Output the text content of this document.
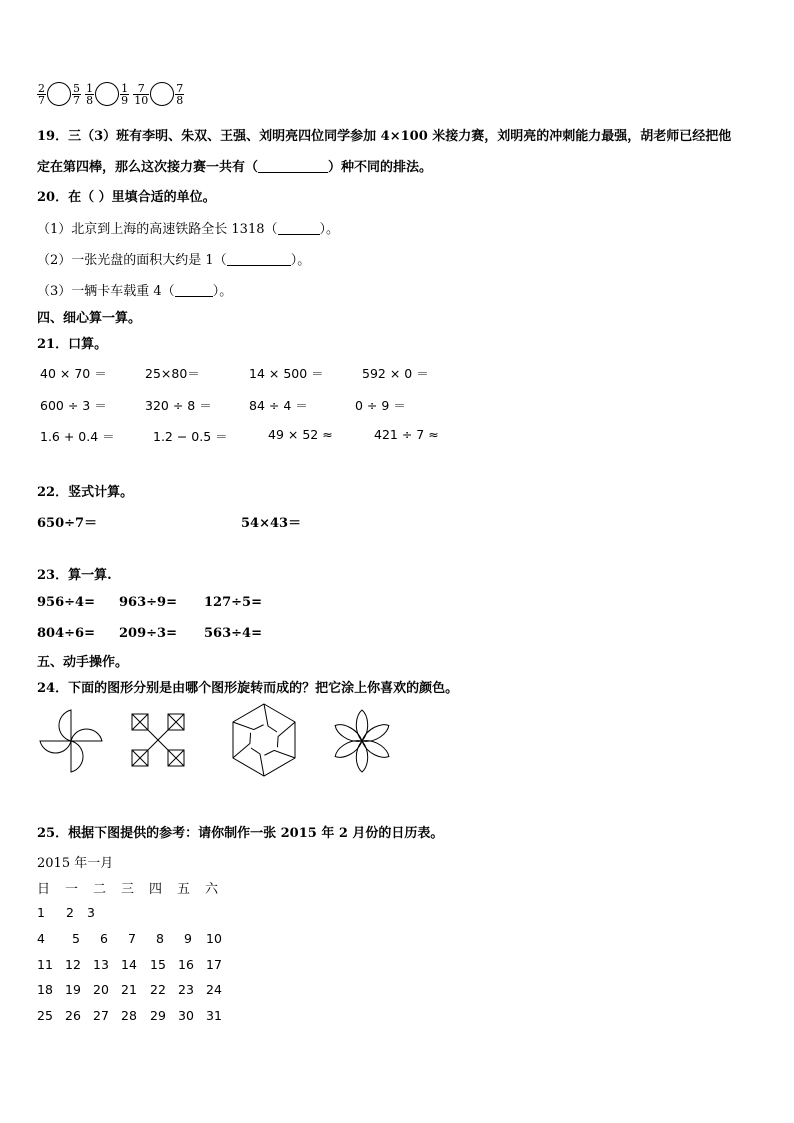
$\frac{2}{7} \frac{5}{7}$
$\frac{1}{8} \frac{1}{9}$
$\frac{7}{10} \frac{7}{8}$
19．三（3）班有李明、朱双、王强、刘明亮四位同学参加 4×100 米接力赛，刘明亮的冲刺能力最强，胡老师已经把他
定在第四棒，那么这次接力赛一共有（	）种不同的排法。
20．在（ ）里填合适的单位。
（1）北京到上海的高速铁路全长 1318（	）。
（2）一张光盘的面积大约是 1（	）。
（3）一辆卡车载重 4（	）。
四、细心算一算。
21．口算。
40 × 70 ＝	25×80＝	14 × 500 ＝	592 × 0 ＝
600 ÷ 3 ＝	320 ÷ 8 ＝	84 ÷ 4 ＝	0 ÷ 9 ＝
1.6 + 0.4 ＝	1.2 − 0.5 ＝	49 × 52 ≈	421 ÷ 7 ≈
22．竖式计算。
650÷7＝	54×43＝
23．算一算.
956÷4= 963÷9= 127÷5=
804÷6= 209÷3= 563÷4=
五、动手操作。
24．下面的图形分别是由哪个图形旋转而成的？把它涂上你喜欢的颜色。
25．根据下图提供的参考：请你制作一张 2015 年 2 月份的日历表。
2015 年一月
日 一 二 三 四 五 六
1 2 3
4 5 6 7 8 9 10
11 12 13 14 15 16 17
18 19 20 21 22 23 24
25 26 27 28 29 30 31
